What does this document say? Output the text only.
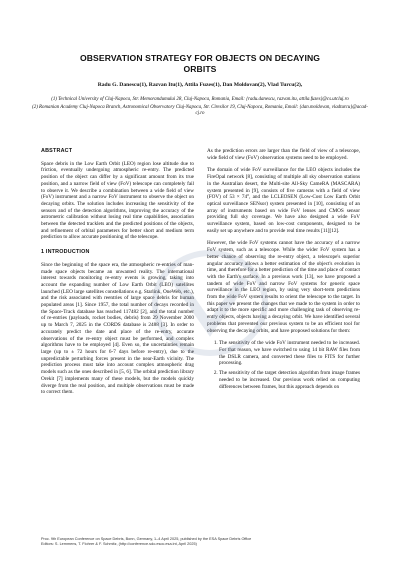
OBSERVATION STRATEGY FOR OBJECTS ON DECAYING
ORBITS
Radu G. Danescu(1), Razvan Itu(1), Attila Fuzes(1), Dan Moldovan(2), Vlad Turcu(2),

(1) Technical University of Cluj-Napoca, Str. Memorandumului 28, Cluj-Napoca, Romania, Email: {radu.danescu, razvan.itu, attila.fuzes}@cs.utcluj.ro

(2) Romanian Academy Cluj-Napoca Branch, Astronomical Observatory Cluj-Napoca, Str. Ciresilor 19, Cluj-Napoca, Romania, Email: {dan.moldovan, vladturcu}@acad-cj.ro

ABSTRACT

Space debris in the Low Earth Orbit (LEO) region lose altitude due to friction, eventually undergoing atmospheric re-entry. The predicted position of the object can differ by a significant amount from its true position, and a narrow field of view (FoV) telescope can completely fail to observe it. We describe a combination between a wide field of view (FoV) instrument and a narrow FoV instrument to observe the object on decaying orbits. The solution includes increasing the sensitivity of the sensors and of the detection algorithms, improving the accuracy of the astrometric calibration without losing real time capabilities, association between the detected tracklets and the predicted positions of the objects, and refinement of orbital parameters for better short and medium term prediction to allow accurate positioning of the telescope.

1 INTRODUCTION

Since the beginning of the space era, the atmospheric re-entries of man-made space objects became an unwanted reality. The international interest towards monitoring re-entry events is growing, taking into account the expanding number of Low Earth Orbit (LEO) satellites launched (LEO large satellites constellations e.g. Starlink, OneWeb, etc.), and the risk associated with reentries of large space debris for human populated areas [1]. Since 1957, the total number of decays recorded in the Space-Track database has reached 117482 [2], and the total number of re-entries (payloads, rocket bodies, debris) from 29 November 2000 up to March 7, 2025 in the CORDS database is 2488 [3]. In order to accurately predict the date and place of the re-entry, accurate observations of the re-entry object must be performed, and complex algorithms have to be employed [4]. Even so, the uncertainties remain large (up to ± 72 hours for 6-7 days before re-entry), due to the unpredictable perturbing forces present in the near-Earth vicinity. The prediction process must take into account complex atmospheric drag models such as the ones described in [5, 6]. The orbital prediction library Orekit [7] implements many of these models, but the models quickly diverge from the real position, and multiple observations must be made to correct them.

As the prediction errors are larger than the field of view of a telescope, wide field of view (FoV) observation systems need to be employed.

The domain of wide FoV surveillance for the LEO objects includes the FireOpal network [8], consisting of multiple all sky observation stations in the Australian desert, the Multi-site All-Sky CameRA (MASCARA) system presented in [9], consists of five cameras with a field of view (FOV) of 53 × 74°, and the LCLEOSEN (Low-Cost Low Earth Orbit optical surveillance SENsor) system presented in [10], consisting of an array of instruments based on wide FoV lenses and CMOS sensor providing full sky coverage. We have also designed a wide FoV surveillance system, based on low-cost components, designed to be easily set up anywhere and to provide real time results [11][12].

However, the wide FoV systems cannot have the accuracy of a narrow FoV system, such as a telescope. While the wider FoV system has a better chance of observing the re-entry object, a telescope's superior angular accuracy allows a better estimation of the object's evolution in time, and therefore for a better prediction of the time and place of contact with the Earth's surface. In a previous work [13], we have proposed a tandem of wide FoV and narrow FoV systems for generic space surveillance in the LEO region, by using very short-term predictions from the wide FoV system results to orient the telescope to the target. In this paper we present the changes that we made to the system in order to adapt it to the more specific and more challenging task of observing re-entry objects, objects having a decaying orbit. We have identified several problems that prevented our previous system to be an efficient tool for observing the decaying orbits, and have proposed solutions for them:

1. The sensitivity of the wide FoV instrument needed to be increased. For that reason, we have switched to using 14 bit RAW files from the DSLR camera, and converted these files to FITS for further processing.
2. The sensitivity of the target detection algorithm from image frames needed to be increased. Our previous work relied on computing differences between frames, but this approach depends on
Proc. 9th European Conference on Space Debris, Bonn, Germany, 1–4 April 2025, published by the ESA Space Debris Office
Editors: S. Lemmens, T. Flohrer & F. Schmitz, (http://conference.sdo.esoc.esa.int, April 2025)
